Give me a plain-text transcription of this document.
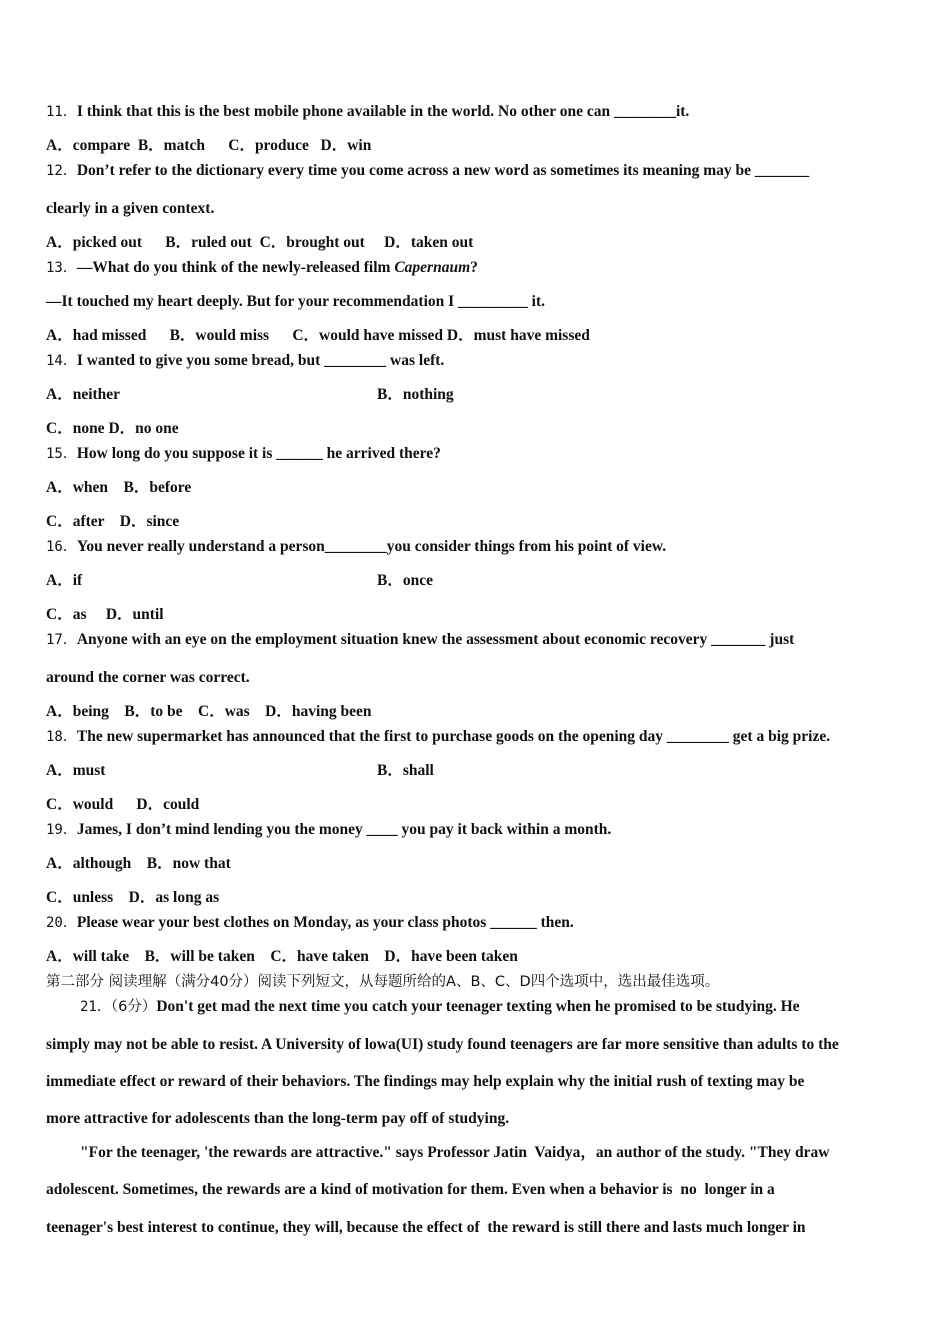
11．I think that this is the best mobile phone available in the world. No other one can ________it.
A．compare  B．match      C．produce   D．win
12．Don’t refer to the dictionary every time you come across a new word as sometimes its meaning may be _______
clearly in a given context.
A．picked out      B．ruled out  C．brought out     D．taken out
13．—What do you think of the newly-released film Capernaum?
—It touched my heart deeply. But for your recommendation I _________ it.
A．had missed      B．would miss      C．would have missed D．must have missed
14．I wanted to give you some bread, but ________ was left.
A．neither	B．nothing
C．none D．no one
15．How long do you suppose it is ______ he arrived there?
A．when    B．before
C．after    D．since
16．You never really understand a person________you consider things from his point of view.
A．if	B．once
C．as     D．until
17．Anyone with an eye on the employment situation knew the assessment about economic recovery _______ just
around the corner was correct.
A．being    B．to be    C．was    D．having been
18．The new supermarket has announced that the first to purchase goods on the opening day ________ get a big prize.
A．must	B．shall
C．would      D．could
19．James, I don’t mind lending you the money ____ you pay it back within a month.
A．although    B．now that
C．unless    D．as long as
20．Please wear your best clothes on Monday, as your class photos ______ then.
A．will take    B．will be taken    C．have taken    D．have been taken
第二部分 阅读理解（满分40分）阅读下列短文，从每题所给的A、B、C、D四个选项中，选出最佳选项。
21．（6分）Don't get mad the next time you catch your teenager texting when he promised to be studying. He
simply may not be able to resist. A University of lowa(UI) study found teenagers are far more sensitive than adults to the
immediate effect or reward of their behaviors. The findings may help explain why the initial rush of texting may be
more attractive for adolescents than the long-term pay off of studying.
"For the teenager, 'the rewards are attractive." says Professor Jatin  Vaidya，an author of the study. "They draw
adolescent. Sometimes, the rewards are a kind of motivation for them. Even when a behavior is  no  longer in a
teenager's best interest to continue, they will, because the effect of  the reward is still there and lasts much longer in
